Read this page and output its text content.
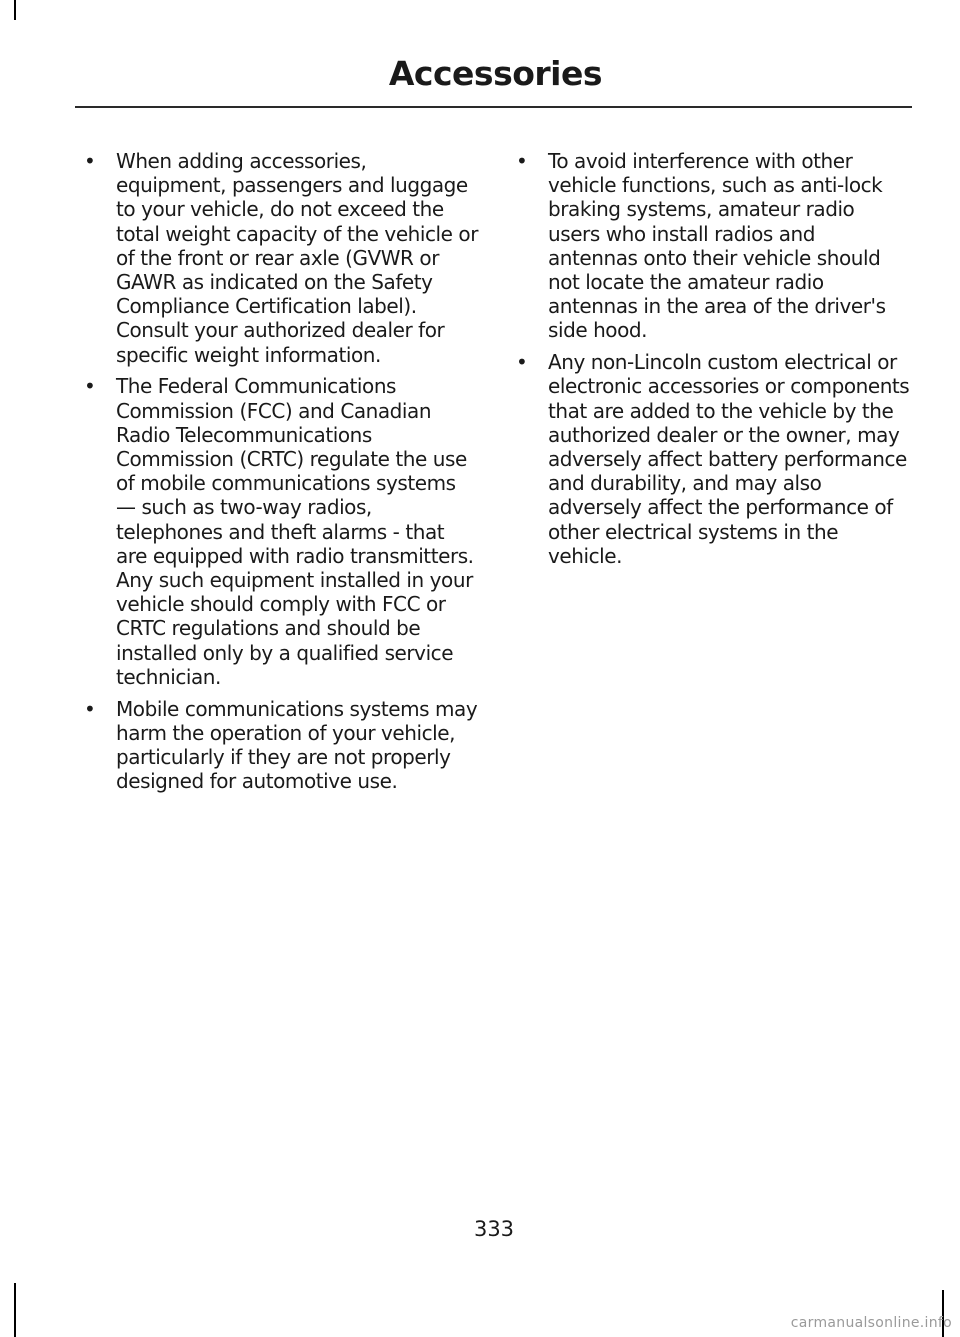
Accessories
•	When adding accessories, equipment, passengers and luggage to your vehicle, do not exceed the total weight capacity of the vehicle or of the front or rear axle (GVWR or GAWR as indicated on the Safety Compliance Certification label). Consult your authorized dealer for specific weight information.
•	The Federal Communications Commission (FCC) and Canadian Radio Telecommunications Commission (CRTC) regulate the use of mobile communications systems — such as two-way radios, telephones and theft alarms - that are equipped with radio transmitters. Any such equipment installed in your vehicle should comply with FCC or CRTC regulations and should be installed only by a qualified service technician.
•	Mobile communications systems may harm the operation of your vehicle, particularly if they are not properly designed for automotive use.
•	To avoid interference with other vehicle functions, such as anti-lock braking systems, amateur radio users who install radios and antennas onto their vehicle should not locate the amateur radio antennas in the area of the driver's side hood.
•	Any non-Lincoln custom electrical or electronic accessories or components that are added to the vehicle by the authorized dealer or the owner, may adversely affect battery performance and durability, and may also adversely affect the performance of other electrical systems in the vehicle.
333
carmanualsonline.info
